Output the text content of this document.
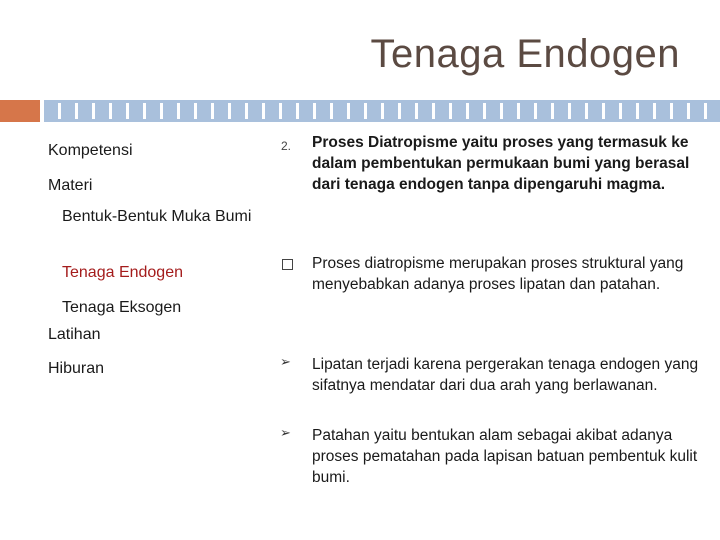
Tenaga Endogen
Kompetensi
Materi
Bentuk-Bentuk Muka Bumi
Tenaga Endogen
Tenaga Eksogen
Latihan
Hiburan
2. Proses Diatropisme yaitu proses yang termasuk ke dalam pembentukan permukaan bumi yang berasal dari tenaga endogen tanpa dipengaruhi magma.
Proses diatropisme merupakan proses struktural yang menyebabkan adanya proses lipatan dan patahan.
➢ Lipatan terjadi karena pergerakan tenaga endogen yang sifatnya mendatar dari dua arah yang berlawanan.
➢ Patahan yaitu bentukan alam sebagai akibat adanya proses pematahan pada lapisan batuan pembentuk kulit bumi.
